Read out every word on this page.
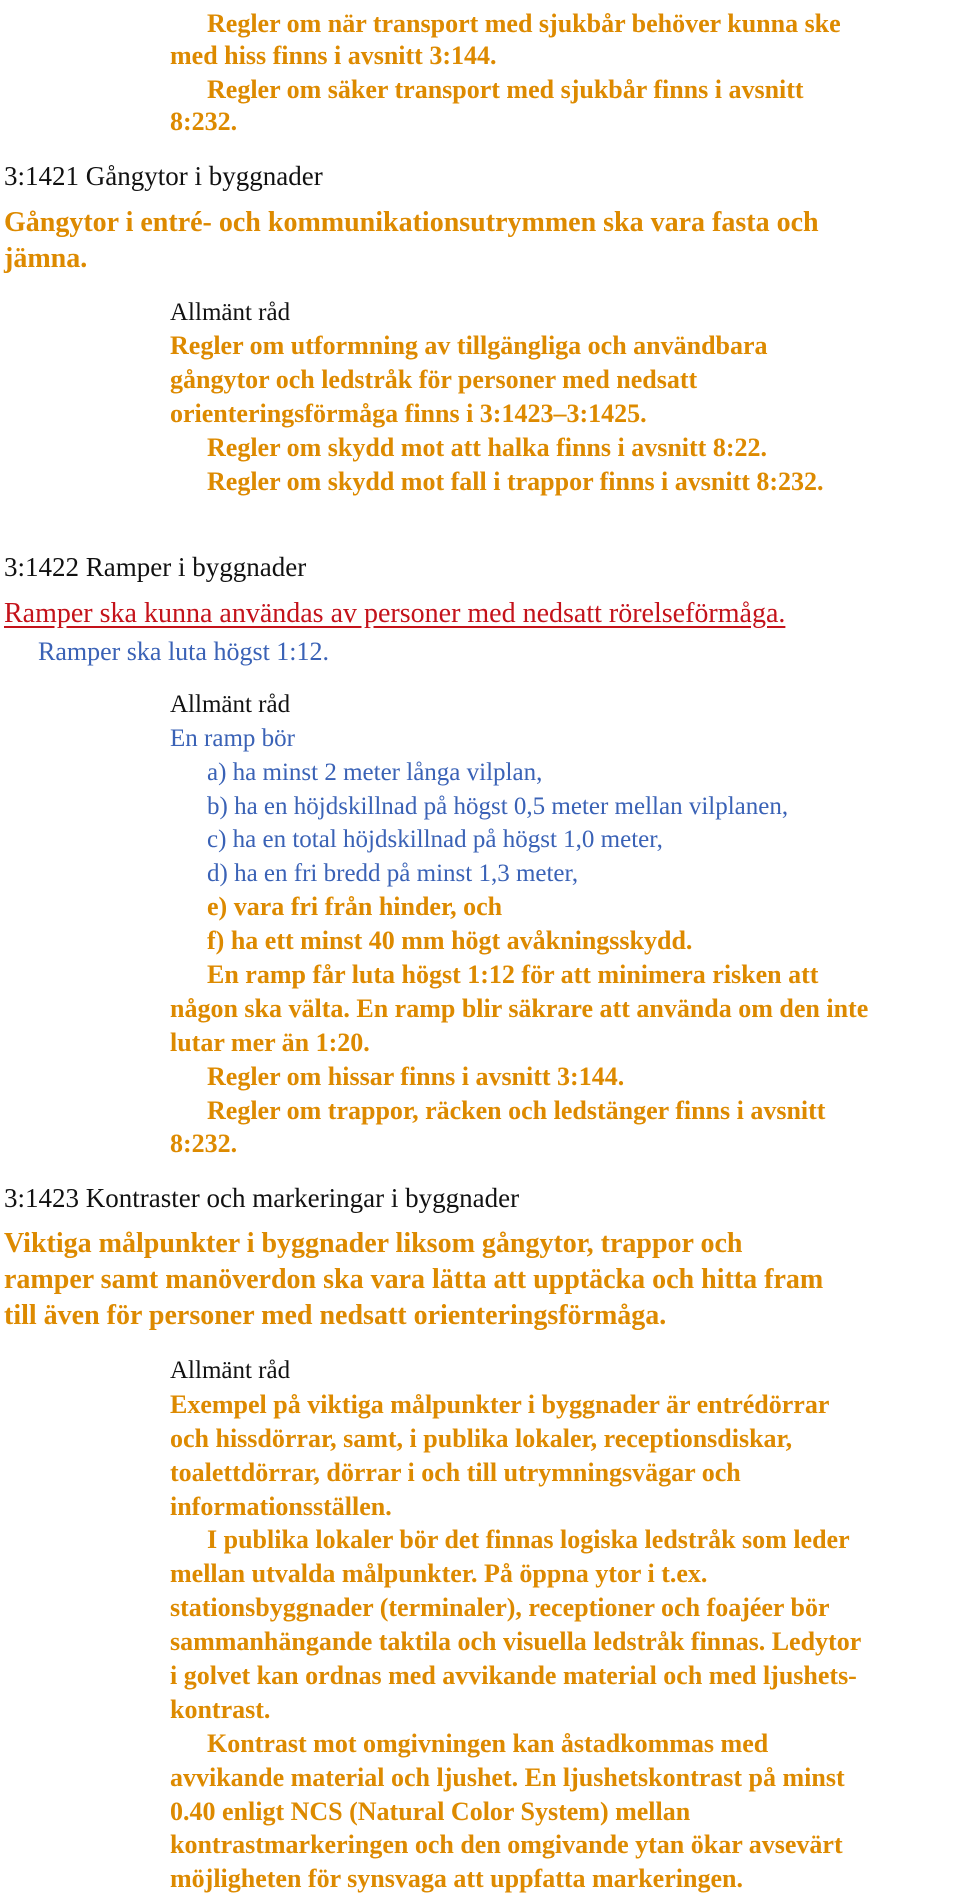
Regler om när transport med sjukbår behöver kunna ske
med hiss finns i avsnitt 3:144.
Regler om säker transport med sjukbår finns i avsnitt
8:232.
3:1421 Gångytor i byggnader
Gångytor i entré- och kommunikationsutrymmen ska vara fasta och
jämna.
Allmänt råd
Regler om utformning av tillgängliga och användbara
gångytor och ledstråk för personer med nedsatt
orienteringsförmåga finns i 3:1423–3:1425.
Regler om skydd mot att halka finns i avsnitt 8:22.
Regler om skydd mot fall i trappor finns i avsnitt 8:232.
3:1422 Ramper i byggnader
Ramper ska kunna användas av personer med nedsatt rörelseförmåga.
Ramper ska luta högst 1:12.
Allmänt råd
En ramp bör
a) ha minst 2 meter långa vilplan,
b) ha en höjdskillnad på högst 0,5 meter mellan vilplanen,
c) ha en total höjdskillnad på högst 1,0 meter,
d) ha en fri bredd på minst 1,3 meter,
e) vara fri från hinder, och
f) ha ett minst 40 mm högt avåkningsskydd.
En ramp får luta högst 1:12 för att minimera risken att
någon ska välta. En ramp blir säkrare att använda om den inte
lutar mer än 1:20.
Regler om hissar finns i avsnitt 3:144.
Regler om trappor, räcken och ledstänger finns i avsnitt
8:232.
3:1423 Kontraster och markeringar i byggnader
Viktiga målpunkter i byggnader liksom gångytor, trappor och
ramper samt manöverdon ska vara lätta att upptäcka och hitta fram
till även för personer med nedsatt orienteringsförmåga.
Allmänt råd
Exempel på viktiga målpunkter i byggnader är entrédörrar
och hissdörrar, samt, i publika lokaler, receptionsdiskar,
toalettdörrar, dörrar i och till utrymningsvägar och
informationsställen.
I publika lokaler bör det finnas logiska ledstråk som leder
mellan utvalda målpunkter. På öppna ytor i t.ex.
stationsbyggnader (terminaler), receptioner och foajéer bör
sammanhängande taktila och visuella ledstråk finnas. Ledytor
i golvet kan ordnas med avvikande material och med ljushets-
kontrast.
Kontrast mot omgivningen kan åstadkommas med
avvikande material och ljushet. En ljushetskontrast på minst
0.40 enligt NCS (Natural Color System) mellan
kontrastmarkeringen och den omgivande ytan ökar avsevärt
möjligheten för synsvaga att uppfatta markeringen.
